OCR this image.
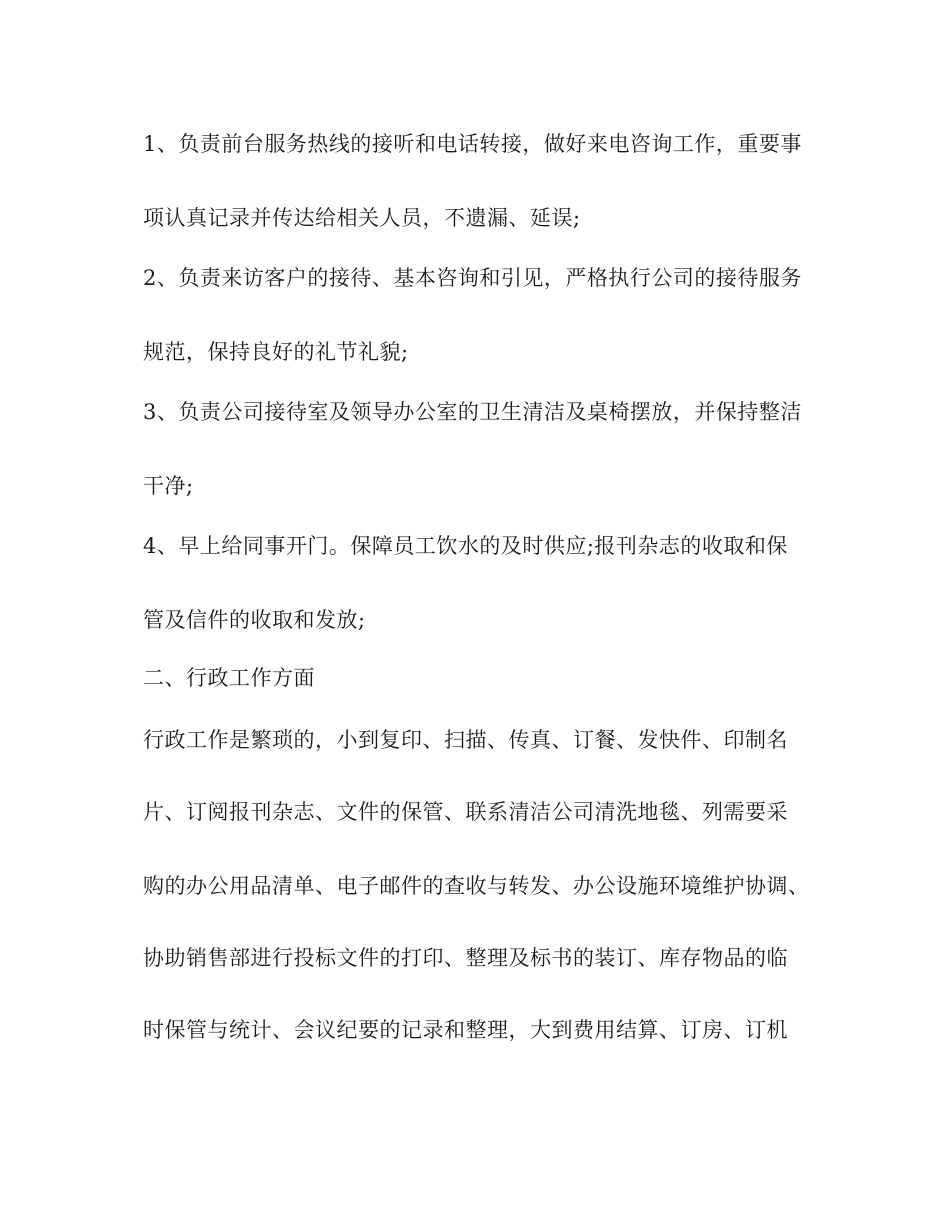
1、负责前台服务热线的接听和电话转接，做好来电咨询工作，重要事
项认真记录并传达给相关人员，不遗漏、延误;
2、负责来访客户的接待、基本咨询和引见，严格执行公司的接待服务
规范，保持良好的礼节礼貌;
3、负责公司接待室及领导办公室的卫生清洁及桌椅摆放，并保持整洁
干净;
4、早上给同事开门。保障员工饮水的及时供应;报刊杂志的收取和保
管及信件的收取和发放;
二、行政工作方面
行政工作是繁琐的，小到复印、扫描、传真、订餐、发快件、印制名
片、订阅报刊杂志、文件的保管、联系清洁公司清洗地毯、列需要采
购的办公用品清单、电子邮件的查收与转发、办公设施环境维护协调、
协助销售部进行投标文件的打印、整理及标书的装订、库存物品的临
时保管与统计、会议纪要的记录和整理，大到费用结算、订房、订机
